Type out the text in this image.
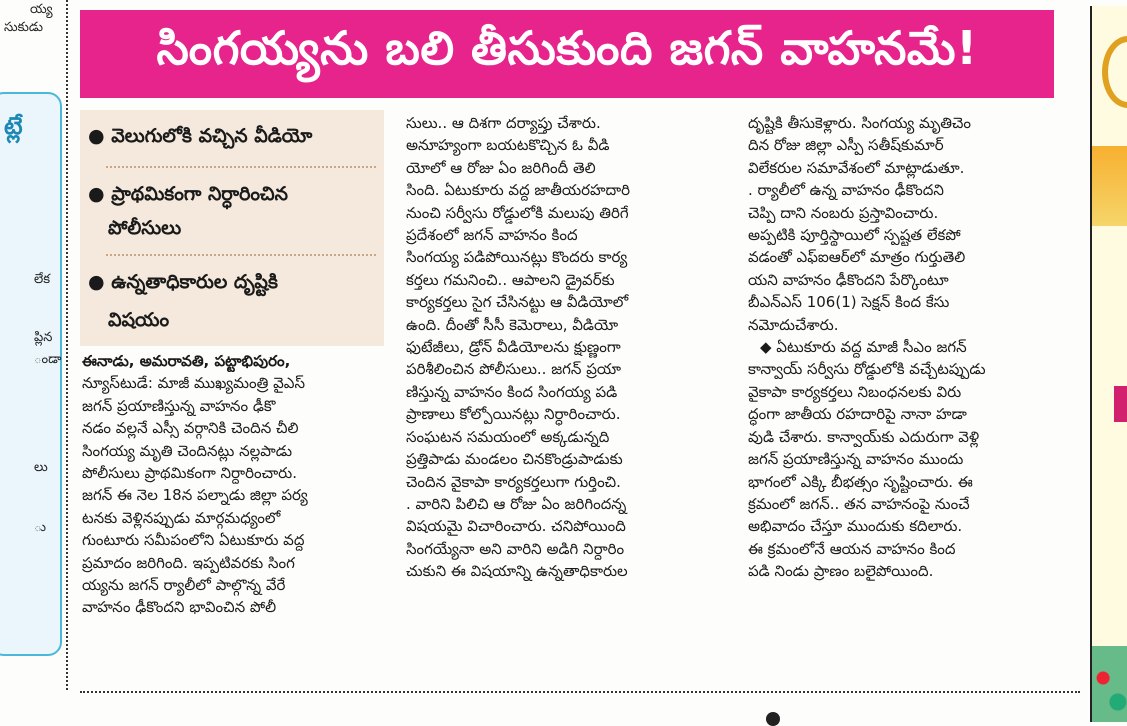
య్య
సుకుడు
ట్లే
లేక
ప్లిన
ండా
లు
ు
సింగయ్యను బలి తీసుకుంది జగన్ వాహనమే!
● వెలుగులోకి వచ్చిన వీడియో
● ప్రాథమికంగా నిర్ధారించిన
పోలీసులు
● ఉన్నతాధికారుల దృష్టికి
విషయం
ఈనాడు, అమరావతి, పట్టాభిపురం,
న్యూస్‌టుడే: మాజీ ముఖ్యమంత్రి వైఎస్
జగన్ ప్రయాణిస్తున్న వాహనం ఢీకొ
నడం వల్లనే ఎస్సీ వర్గానికి చెందిన చీలి
సింగయ్య మృతి చెందినట్లు నల్లపాడు
పోలీసులు ప్రాథమికంగా నిర్ధారించారు.
జగన్ ఈ నెల 18న పల్నాడు జిల్లా పర్య
టనకు వెళ్లినప్పుడు మార్గమధ్యంలో
గుంటూరు సమీపంలోని ఏటుకూరు వద్ద
ప్రమాదం జరిగింది. ఇప్పటివరకు సింగ
య్యను జగన్ ర్యాలీలో పాల్గొన్న వేరే
వాహనం ఢీకొందని భావించిన పోలీ
సులు.. ఆ దిశగా దర్యాప్తు చేశారు.
అనూహ్యంగా బయటకొచ్చిన ఓ వీడి
యోలో ఆ రోజు ఏం జరిగిందీ తెలి
సింది. ఏటుకూరు వద్ద జాతీయరహదారి
నుంచి సర్వీసు రోడ్డులోకి మలుపు తిరిగే
ప్రదేశంలో జగన్ వాహనం కింద
సింగయ్య పడిపోయినట్లు కొందరు కార్య
కర్తలు గమనించి.. ఆపాలని డ్రైవర్‌కు
కార్యకర్తలు సైగ చేసినట్టు ఆ వీడియోలో
ఉంది. దీంతో సీసీ కెమెరాలు, వీడియో
ఫుటేజీలు, డ్రోన్ వీడియోలను క్షుణ్ణంగా
పరిశీలించిన పోలీసులు.. జగన్ ప్రయా
ణిస్తున్న వాహనం కింద సింగయ్య పడి
ప్రాణాలు కోల్పోయినట్లు నిర్ధారించారు.
సంఘటన సమయంలో అక్కడున్నది
ప్రత్తిపాడు మండలం చినకొండ్రుపాడుకు
చెందిన వైకాపా కార్యకర్తలుగా గుర్తించి.
. వారిని పిలిచి ఆ రోజు ఏం జరిగిందన్న
విషయమై విచారించారు. చనిపోయింది
సింగయ్యేనా అని వారిని అడిగి నిర్ధారిం
చుకుని ఈ విషయాన్ని ఉన్నతాధికారుల
దృష్టికి తీసుకెళ్లారు. సింగయ్య మృతిచెం
దిన రోజు జిల్లా ఎస్పీ సతీష్‌కుమార్
విలేకరుల సమావేశంలో మాట్లాడుతూ.
. ర్యాలీలో ఉన్న వాహనం ఢీకొందని
చెప్పి దాని నంబరు ప్రస్తావించారు.
అప్పటికి పూర్తిస్థాయిలో స్పష్టత లేకపో
వడంతో ఎఫ్ఐఆర్‌లో మాత్రం గుర్తుతెలి
యని వాహనం ఢీకొందని పేర్కొంటూ
బీఎన్ఎస్ 106(1) సెక్షన్ కింద కేసు
నమోదుచేశారు.
◆ ఏటుకూరు వద్ద మాజీ సీఎం జగన్
కాన్వాయ్ సర్వీసు రోడ్డులోకి వచ్చేటప్పుడు
వైకాపా కార్యకర్తలు నిబంధనలకు విరు
ద్ధంగా జాతీయ రహదారిపై నానా హడా
వుడి చేశారు. కాన్వాయ్‌కు ఎదురుగా వెళ్లి
జగన్ ప్రయాణిస్తున్న వాహనం ముందు
భాగంలో ఎక్కి బీభత్సం సృష్టించారు. ఈ
క్రమంలో జగన్.. తన వాహనంపై నుంచే
అభివాదం చేస్తూ ముందుకు కదిలారు.
ఈ క్రమంలోనే ఆయన వాహనం కింద
పడి నిండు ప్రాణం బలైపోయింది.
